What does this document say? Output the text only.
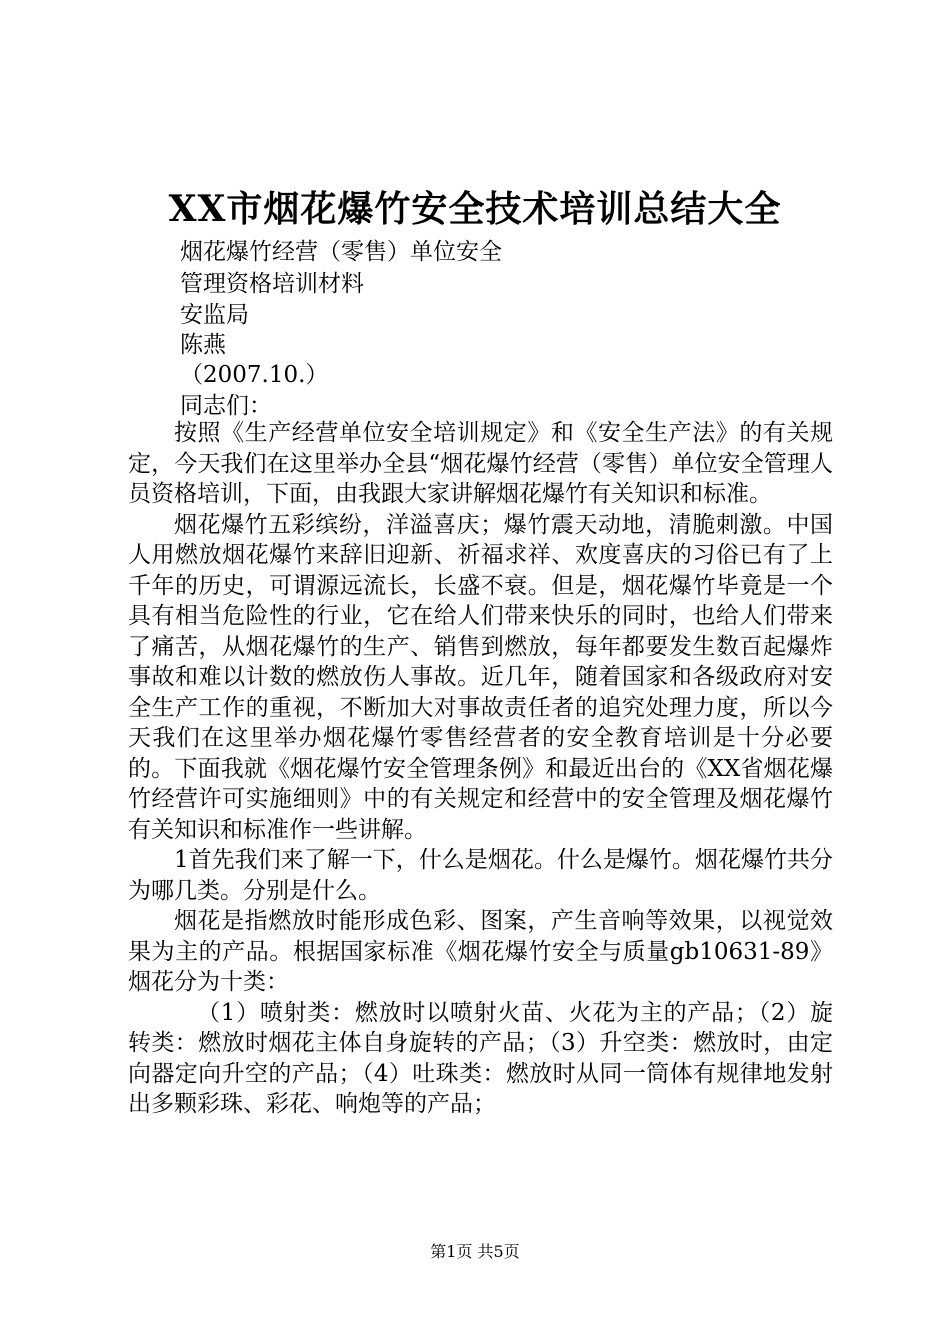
XX市烟花爆竹安全技术培训总结大全
烟花爆竹经营（零售）单位安全
管理资格培训材料
安监局
陈燕
（2007.10.）
同志们：

按照《生产经营单位安全培训规定》和《安全生产法》的有关规定，今天我们在这里举办全县“烟花爆竹经营（零售）单位安全管理人员资格培训，下面，由我跟大家讲解烟花爆竹有关知识和标准。

烟花爆竹五彩缤纷，洋溢喜庆；爆竹震天动地，清脆刺激。中国人用燃放烟花爆竹来辞旧迎新、祈福求祥、欢度喜庆的习俗已有了上千年的历史，可谓源远流长，长盛不衰。但是，烟花爆竹毕竟是一个具有相当危险性的行业，它在给人们带来快乐的同时，也给人们带来了痛苦，从烟花爆竹的生产、销售到燃放，每年都要发生数百起爆炸事故和难以计数的燃放伤人事故。近几年，随着国家和各级政府对安全生产工作的重视，不断加大对事故责任者的追究处理力度，所以今天我们在这里举办烟花爆竹零售经营者的安全教育培训是十分必要的。下面我就《烟花爆竹安全管理条例》和最近出台的《XX省烟花爆竹经营许可实施细则》中的有关规定和经营中的安全管理及烟花爆竹有关知识和标准作一些讲解。

1首先我们来了解一下，什么是烟花。什么是爆竹。烟花爆竹共分为哪几类。分别是什么。

烟花是指燃放时能形成色彩、图案，产生音响等效果，以视觉效果为主的产品。根据国家标准《烟花爆竹安全与质量gb10631-89》烟花分为十类：

（1）喷射类：燃放时以喷射火苗、火花为主的产品；（2）旋转类：燃放时烟花主体自身旋转的产品；（3）升空类：燃放时，由定向器定向升空的产品；（4）吐珠类：燃放时从同一筒体有规律地发射出多颗彩珠、彩花、响炮等的产品；

第1页 共5页
